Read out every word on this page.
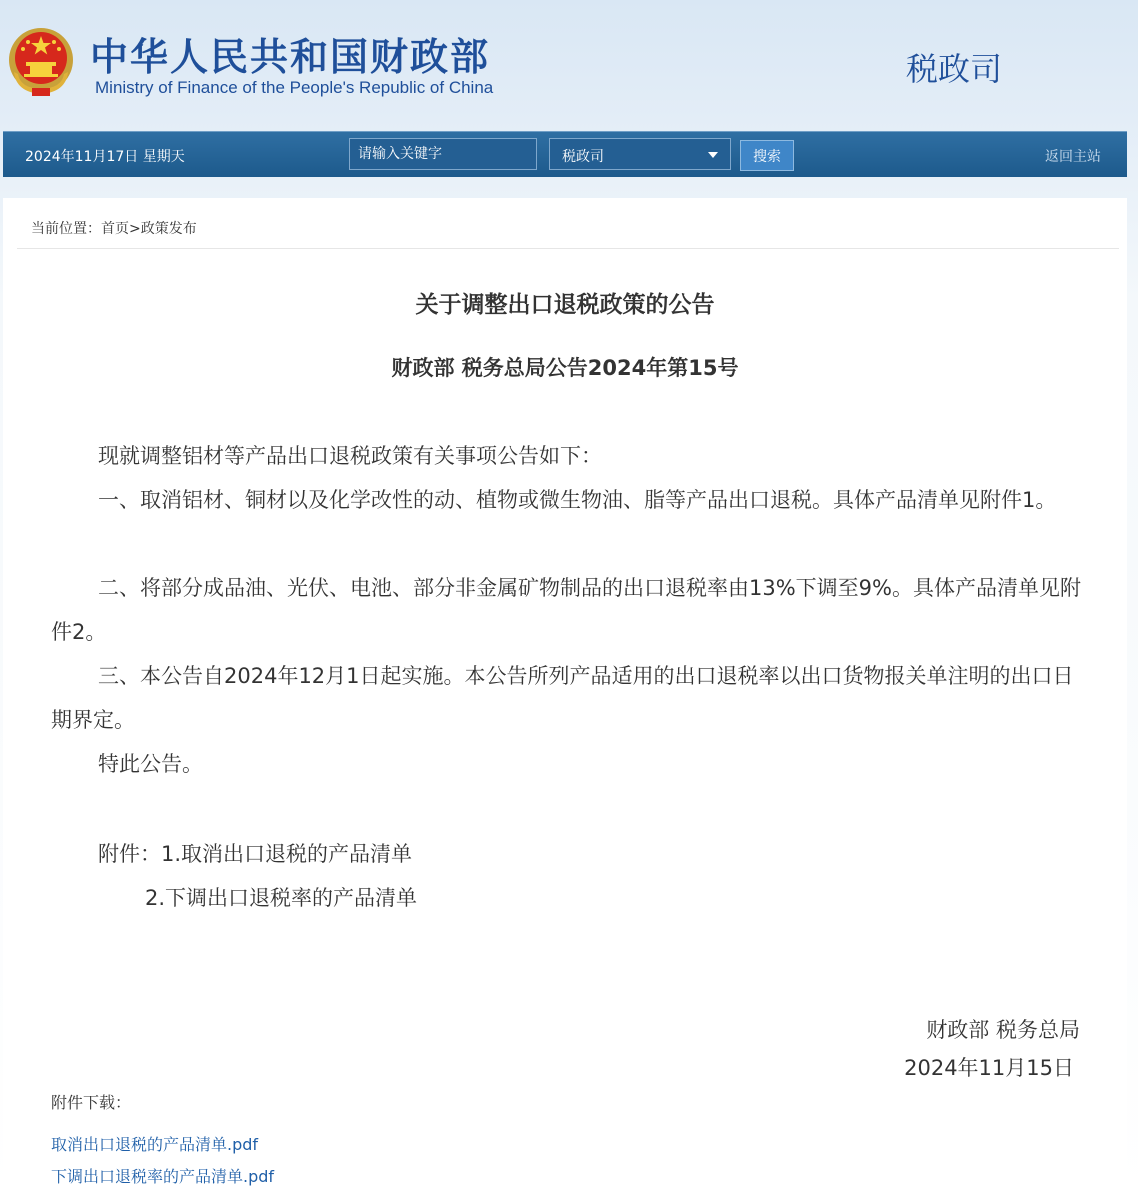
中华人民共和国财政部
Ministry of Finance of the People's Republic of China	税政司
2024年11月17日 星期天
请输入关键字	税政司	搜索	返回主站
当前位置：首页>政策发布
关于调整出口退税政策的公告
财政部 税务总局公告2024年第15号
现就调整铝材等产品出口退税政策有关事项公告如下：
一、取消铝材、铜材以及化学改性的动、植物或微生物油、脂等产品出口退税。具体产品清单见附件1。
二、将部分成品油、光伏、电池、部分非金属矿物制品的出口退税率由13%下调至9%。具体产品清单见附件2。
三、本公告自2024年12月1日起实施。本公告所列产品适用的出口退税率以出口货物报关单注明的出口日期界定。
特此公告。
附件：1.取消出口退税的产品清单
2.下调出口退税率的产品清单
财政部 税务总局
2024年11月15日
附件下载：
取消出口退税的产品清单.pdf
下调出口退税率的产品清单.pdf
